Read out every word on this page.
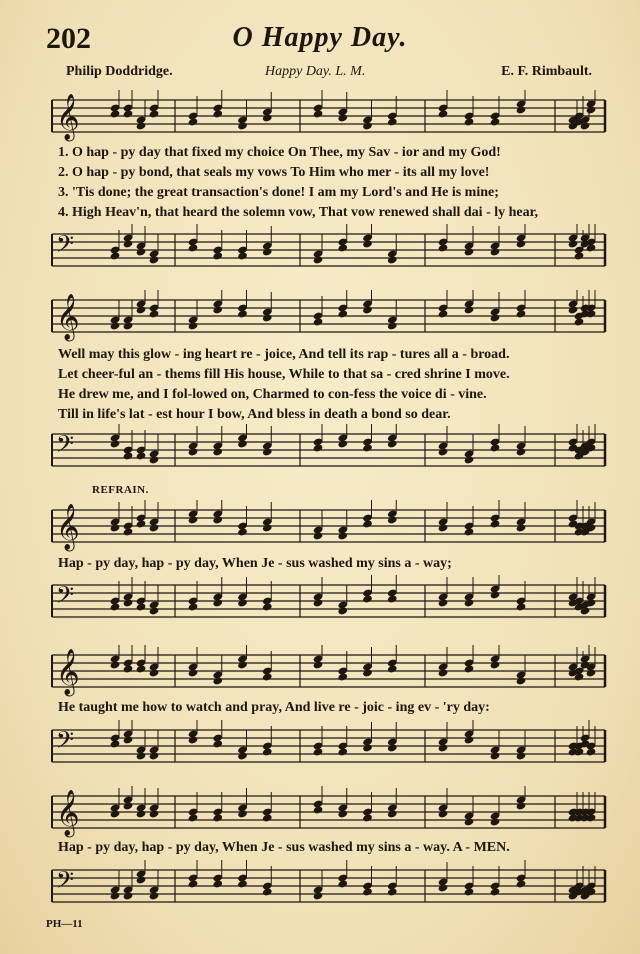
202	O Happy Day.
Philip Doddridge.	Happy Day. L. M.	E. F. Rimbault.
𝄞
1. O hap - py day that fixed my choice On Thee, my Sav - ior and my God!
2. O hap - py bond, that seals my vows To Him who mer - its all my love!
3. 'Tis done; the great transaction's done! I am my Lord's and He is mine;
4. High Heav'n, that heard the solemn vow, That vow renewed shall dai - ly hear,
𝄢
𝄞
Well may this glow - ing heart re - joice, And tell its rap - tures all a - broad.
Let cheer-ful an - thems fill His house, While to that sa - cred shrine I move.
He drew me, and I fol-lowed on, Charmed to con-fess the voice di - vine.
Till in life's lat - est hour I bow, And bless in death a bond so dear.
𝄢
REFRAIN.
𝄞
Hap - py day, hap - py day, When Je - sus washed my sins a - way;
𝄢
𝄞
He taught me how to watch and pray, And live re - joic - ing ev - 'ry day:
𝄢
𝄞
Hap - py day, hap - py day, When Je - sus washed my sins a - way. A - MEN.
𝄢
PH—11
